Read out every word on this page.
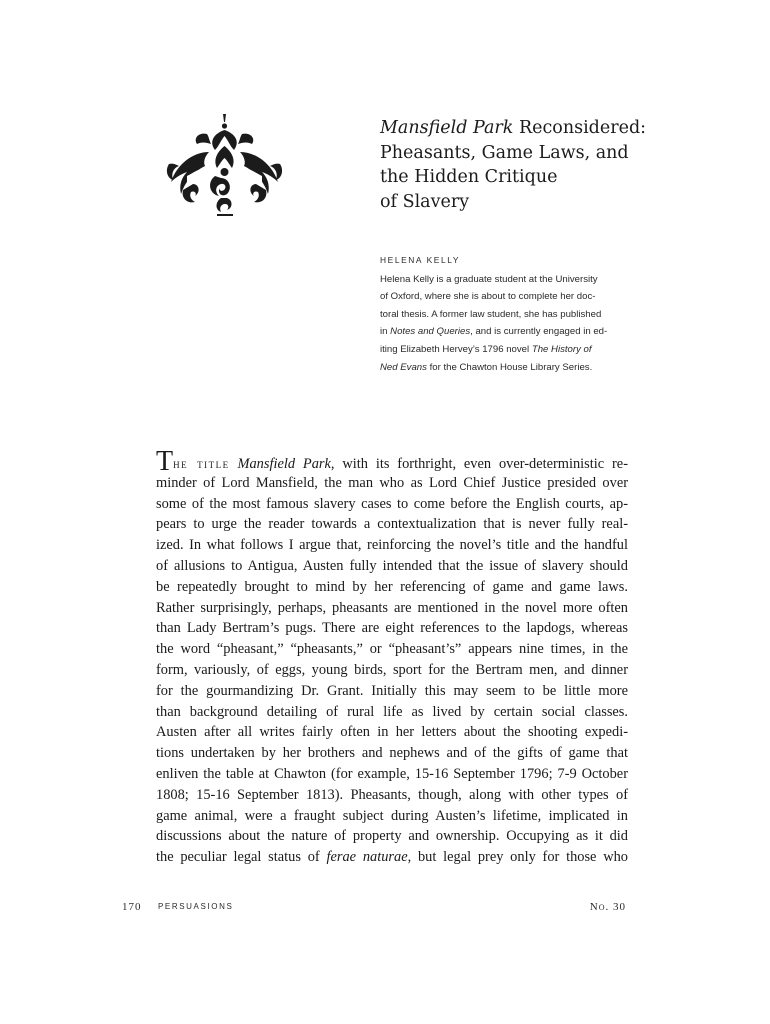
Mansfield Park Reconsidered:
Pheasants, Game Laws, and
the Hidden Critique
of Slavery
HELENA KELLY
Helena Kelly is a graduate student at the University
of Oxford, where she is about to complete her doc-
toral thesis. A former law student, she has published
in Notes and Queries, and is currently engaged in ed-
iting Elizabeth Hervey’s 1796 novel The History of
Ned Evans for the Chawton House Library Series.
The title Mansfield Park, with its forthright, even over-deterministic re-
minder of Lord Mansfield, the man who as Lord Chief Justice presided over
some of the most famous slavery cases to come before the English courts, ap-
pears to urge the reader towards a contextualization that is never fully real-
ized. In what follows I argue that, reinforcing the novel’s title and the handful
of allusions to Antigua, Austen fully intended that the issue of slavery should
be repeatedly brought to mind by her referencing of game and game laws.
Rather surprisingly, perhaps, pheasants are mentioned in the novel more often
than Lady Bertram’s pugs. There are eight references to the lapdogs, whereas
the word “pheasant,” “pheasants,” or “pheasant’s” appears nine times, in the
form, variously, of eggs, young birds, sport for the Bertram men, and dinner
for the gourmandizing Dr. Grant. Initially this may seem to be little more
than background detailing of rural life as lived by certain social classes.
Austen after all writes fairly often in her letters about the shooting expedi-
tions undertaken by her brothers and nephews and of the gifts of game that
enliven the table at Chawton (for example, 15-16 September 1796; 7-9 October
1808; 15-16 September 1813). Pheasants, though, along with other types of
game animal, were a fraught subject during Austen’s lifetime, implicated in
discussions about the nature of property and ownership. Occupying as it did
the peculiar legal status of ferae naturae, but legal prey only for those who
170 PERSUASIONS	No. 30
